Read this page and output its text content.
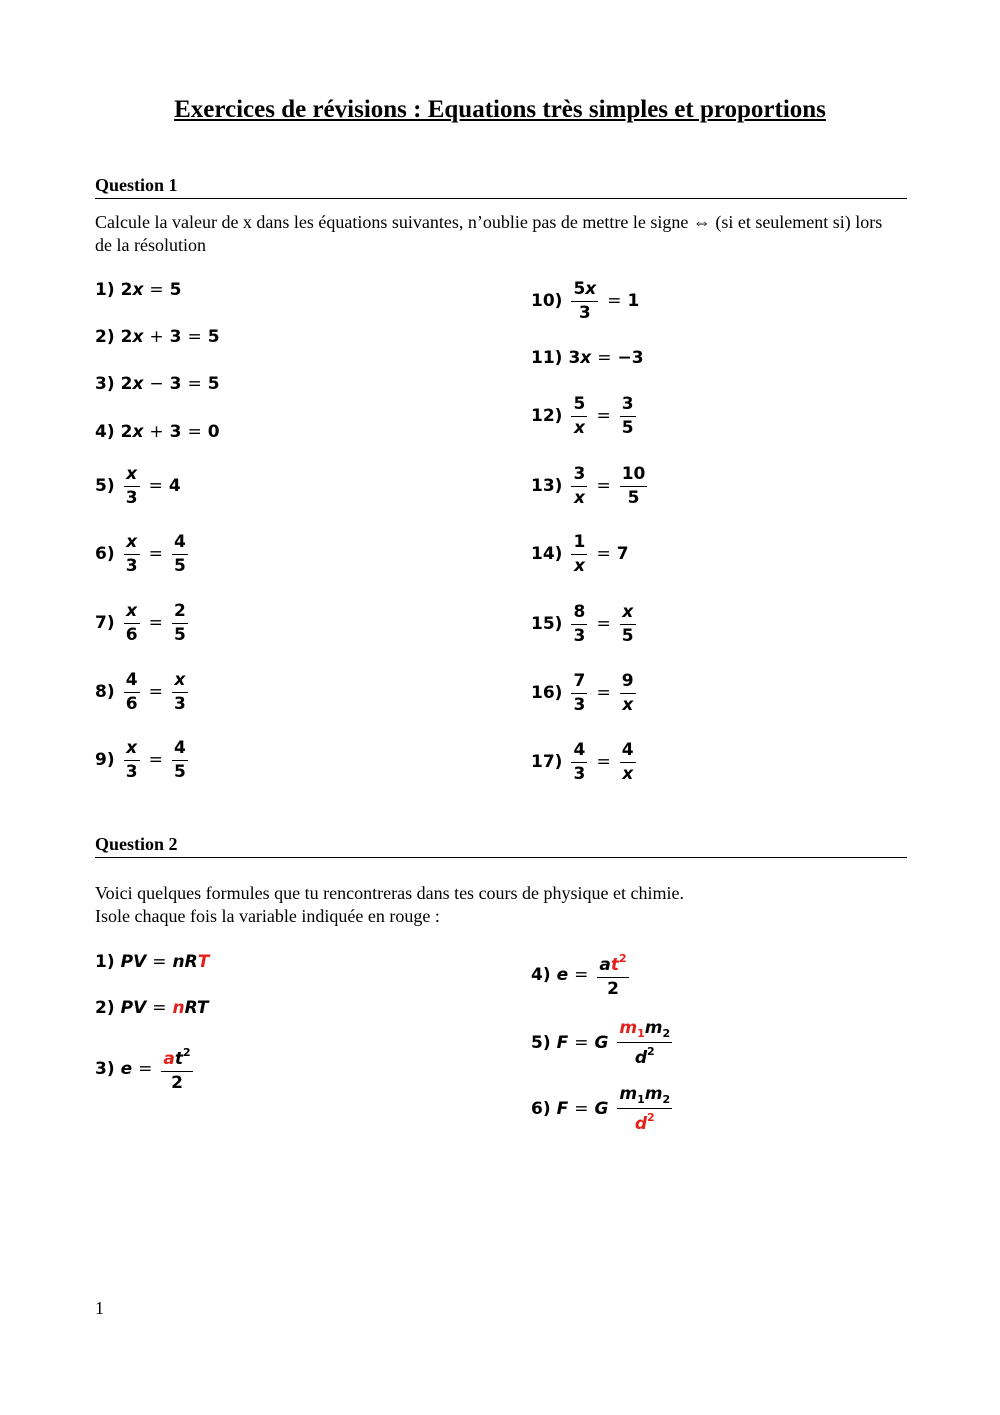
Exercices de révisions : Equations très simples et proportions
Question 1
Calcule la valeur de x dans les équations suivantes, n’oublie pas de mettre le signe ⇔ (si et seulement si) lors de la résolution
1) 2 x = 5
2) 2 x + 3 = 5
3) 2 x − 3 = 5
4) 2 x + 3 = 0
$5) \frac{x}{3} = 4$
$6) \frac{x}{3} = \frac{4}{5}$
$7) \frac{x}{6} = \frac{2}{5}$
$8) \frac{4}{6} = \frac{x}{3}$
$9) \frac{x}{3} = \frac{4}{5}$
$10) \frac{5x}{3} = 1$
11) 3 x = −3
$12) \frac{5}{x} = \frac{3}{5}$
$13) \frac{3}{x} = \frac{10}{5}$
$14) \frac{1}{x} = 7$
$15) \frac{8}{3} = \frac{x}{5}$
$16) \frac{7}{3} = \frac{9}{x}$
$17) \frac{4}{3} = \frac{4}{x}$
Question 2
Voici quelques formules que tu rencontreras dans tes cours de physique et chimie.
Isole chaque fois la variable indiquée en rouge :
1) PV = nR T
2) PV = n RT
3) $e = \frac{at^2}{2}$
4) $e = \frac{at^2}{2}$
5) F = G
$\frac{m_1m_2}{d^2}$
6) F = G
$\frac{m_1m_2}{d^2}$
1
